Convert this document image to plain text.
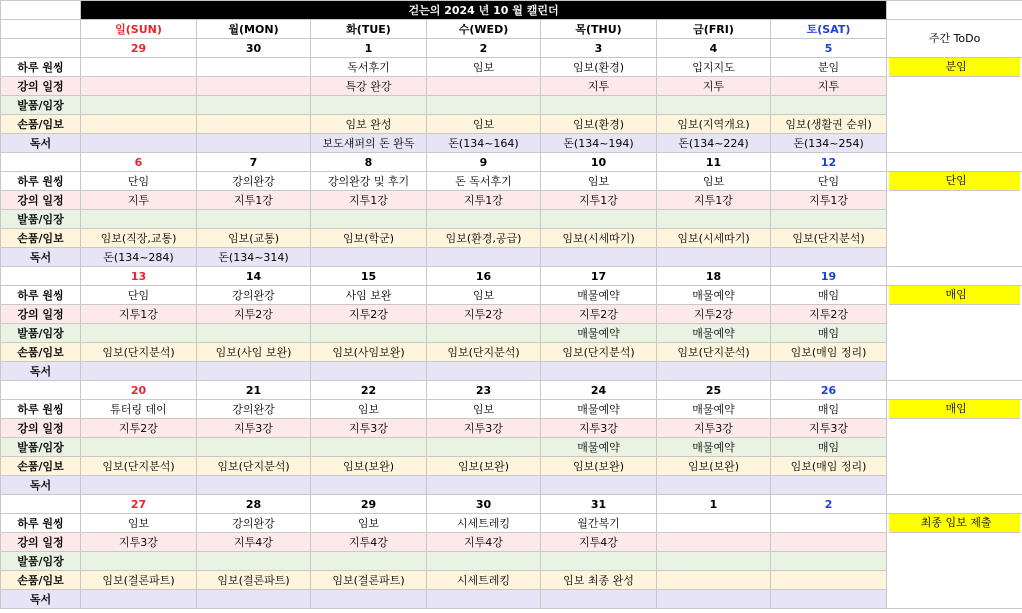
	걷는의 2024 년 10 월 캘린더							
	일(SUN)	월(MON)	화(TUE)	수(WED)	목(THU)	금(FRI)	토(SAT)	주간 ToDo
	29	30	1	2	3	4	5	
하루 원씽			독서후기	임보	임보(환경)	입지지도	분임	분임

강의 일정			특강 완강		지투	지투	지투	
발품/임장								
손품/임보			임보 완성	임보	임보(환경)	임보(지역개요)	임보(생활권 순위)	
독서			보도섀퍼의 돈 완독	돈(134~164)	돈(134~194)	돈(134~224)	돈(134~254)	
	6	7	8	9	10	11	12	
하루 원씽	단임	강의완강	강의완강 및 후기	돈 독서후기	임보	임보	단임	단임

강의 일정	지투	지투1강	지투1강	지투1강	지투1강	지투1강	지투1강	
발품/임장								
손품/임보	임보(직장,교통)	임보(교통)	임보(학군)	임보(환경,공급)	임보(시세따기)	임보(시세따기)	임보(단지분석)	
독서	돈(134~284)	돈(134~314)						
	13	14	15	16	17	18	19	
하루 원씽	단임	강의완강	사임 보완	임보	매물예약	매물예약	매임	매임

강의 일정	지투1강	지투2강	지투2강	지투2강	지투2강	지투2강	지투2강	
발품/임장					매물예약	매물예약	매임	
손품/임보	임보(단지분석)	임보(사임 보완)	임보(사임보완)	임보(단지분석)	임보(단지분석)	임보(단지분석)	임보(매임 정리)	
독서								
	20	21	22	23	24	25	26	
하루 원씽	튜터링 데이	강의완강	임보	임보	매물예약	매물예약	매임	매임

강의 일정	지투2강	지투3강	지투3강	지투3강	지투3강	지투3강	지투3강	
발품/임장					매물예약	매물예약	매임	
손품/임보	임보(단지분석)	임보(단지분석)	임보(보완)	임보(보완)	임보(보완)	임보(보완)	임보(매임 정리)	
독서								
	27	28	29	30	31	1	2	
하루 원씽	임보	강의완강	임보	시세트레킹	월간복기			최종 임보 제출

강의 일정	지투3강	지투4강	지투4강	지투4강	지투4강			
발품/임장								
손품/임보	임보(결론파트)	임보(결론파트)	임보(결론파트)	시세트레킹	임보 최종 완성			
독서								
